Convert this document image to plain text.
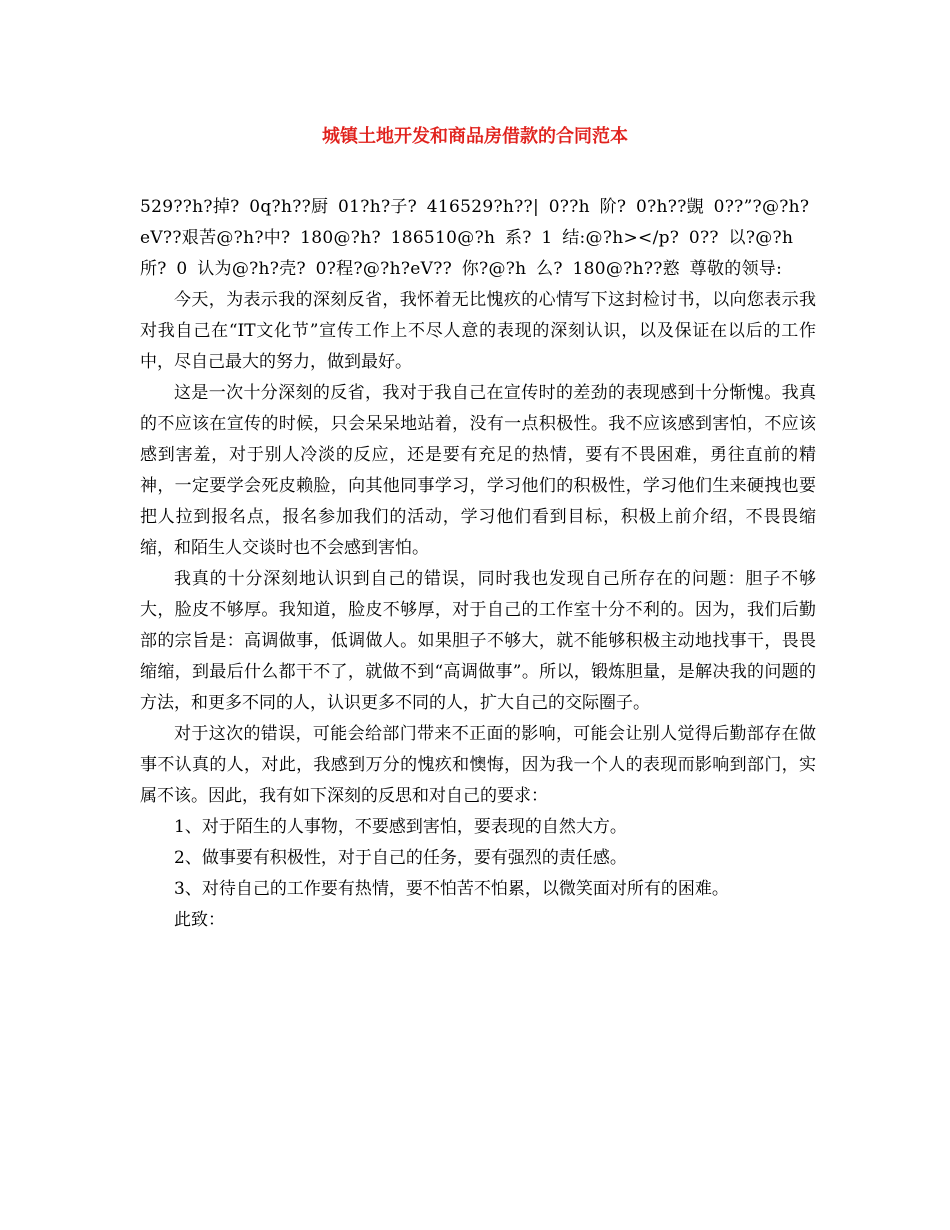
城镇土地开发和商品房借款的合同范本

529??h?掉? 0q?h??厨 01?h?子? 416529?h??| 0??h 阶? 0?h??覬 0??”?@?h?eV??艰苦@?h?中? 180@?h? 186510@?h 系? 1 结:@?h></p? 0?? 以?@?h 所? 0 认为@?h?壳? 0?程?@?h?eV?? 你?@?h 么? 180@?h??憝 尊敬的领导:

今天，为表示我的深刻反省，我怀着无比愧疚的心情写下这封检讨书，以向您表示我对我自己在“IT文化节”宣传工作上不尽人意的表现的深刻认识，以及保证在以后的工作中，尽自己最大的努力，做到最好。

这是一次十分深刻的反省，我对于我自己在宣传时的差劲的表现感到十分惭愧。我真的不应该在宣传的时候，只会呆呆地站着，没有一点积极性。我不应该感到害怕，不应该感到害羞，对于别人冷淡的反应，还是要有充足的热情，要有不畏困难，勇往直前的精神，一定要学会死皮赖脸，向其他同事学习，学习他们的积极性，学习他们生来硬拽也要把人拉到报名点，报名参加我们的活动，学习他们看到目标，积极上前介绍，不畏畏缩缩，和陌生人交谈时也不会感到害怕。

我真的十分深刻地认识到自己的错误，同时我也发现自己所存在的问题：胆子不够大，脸皮不够厚。我知道，脸皮不够厚，对于自己的工作室十分不利的。因为，我们后勤部的宗旨是：高调做事，低调做人。如果胆子不够大，就不能够积极主动地找事干，畏畏缩缩，到最后什么都干不了，就做不到“高调做事”。所以，锻炼胆量，是解决我的问题的方法，和更多不同的人，认识更多不同的人，扩大自己的交际圈子。

对于这次的错误，可能会给部门带来不正面的影响，可能会让别人觉得后勤部存在做事不认真的人，对此，我感到万分的愧疚和懊悔，因为我一个人的表现而影响到部门，实属不该。因此，我有如下深刻的反思和对自己的要求：

1、对于陌生的人事物，不要感到害怕，要表现的自然大方。

2、做事要有积极性，对于自己的任务，要有强烈的责任感。

3、对待自己的工作要有热情，要不怕苦不怕累，以微笑面对所有的困难。

此致：
